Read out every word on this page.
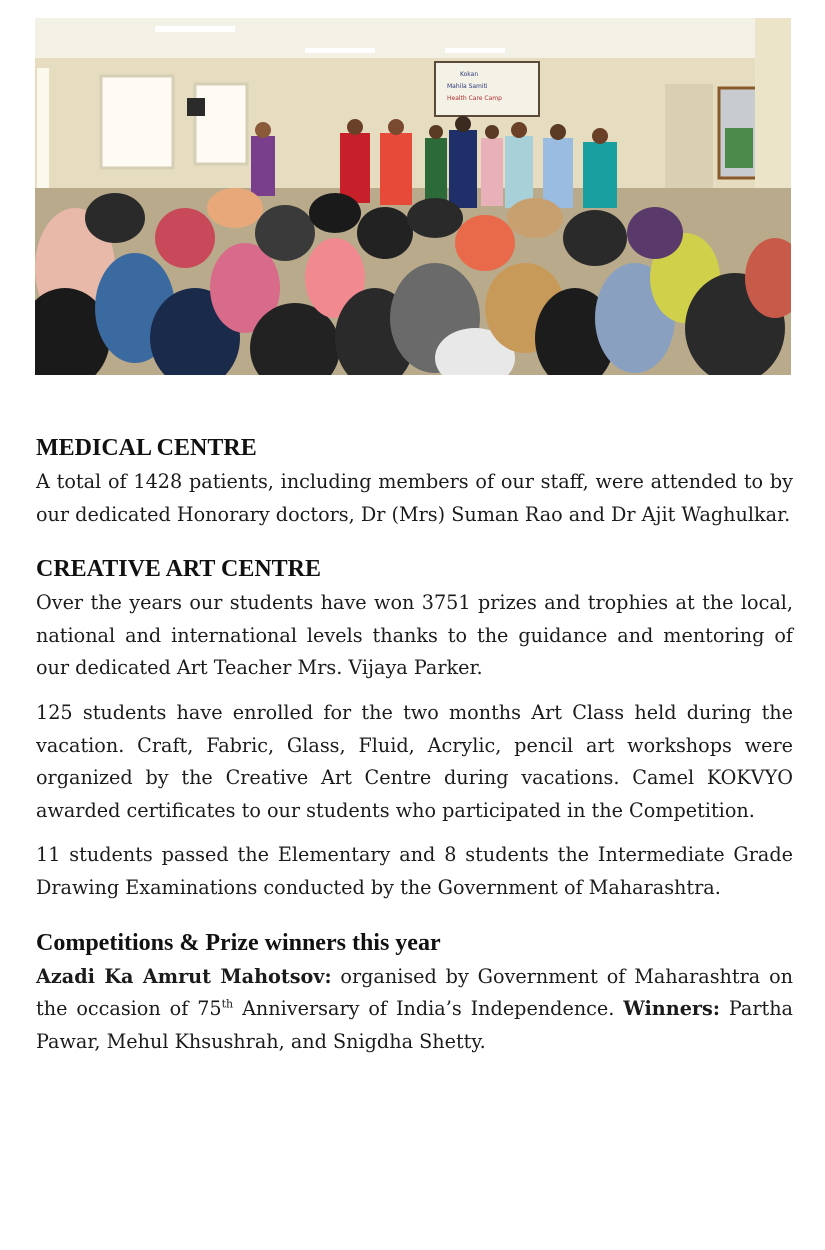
Kokan
Mahila Samiti
Health Care Camp
MEDICAL CENTRE

A total of 1428 patients, including members of our staff, were attended to by our dedicated Honorary doctors, Dr (Mrs) Suman Rao and Dr Ajit Waghulkar.

CREATIVE ART CENTRE

Over the years our students have won 3751 prizes and trophies at the local, national and international levels thanks to the guidance and mentoring of our dedicated Art Teacher Mrs. Vijaya Parker.

125 students have enrolled for the two months Art Class held during the vacation. Craft, Fabric, Glass, Fluid, Acrylic, pencil art workshops were organized by the Creative Art Centre during vacations. Camel KOKVYO awarded certificates to our students who participated in the Competition.

11 students passed the Elementary and 8 students the Intermediate Grade Drawing Examinations conducted by the Government of Maharashtra.

Competitions & Prize winners this year

Azadi Ka Amrut Mahotsov: organised by Government of Maharashtra on the occasion of 75th Anniversary of India’s Independence. Winners: Partha Pawar, Mehul Khsushrah, and Snigdha Shetty.
